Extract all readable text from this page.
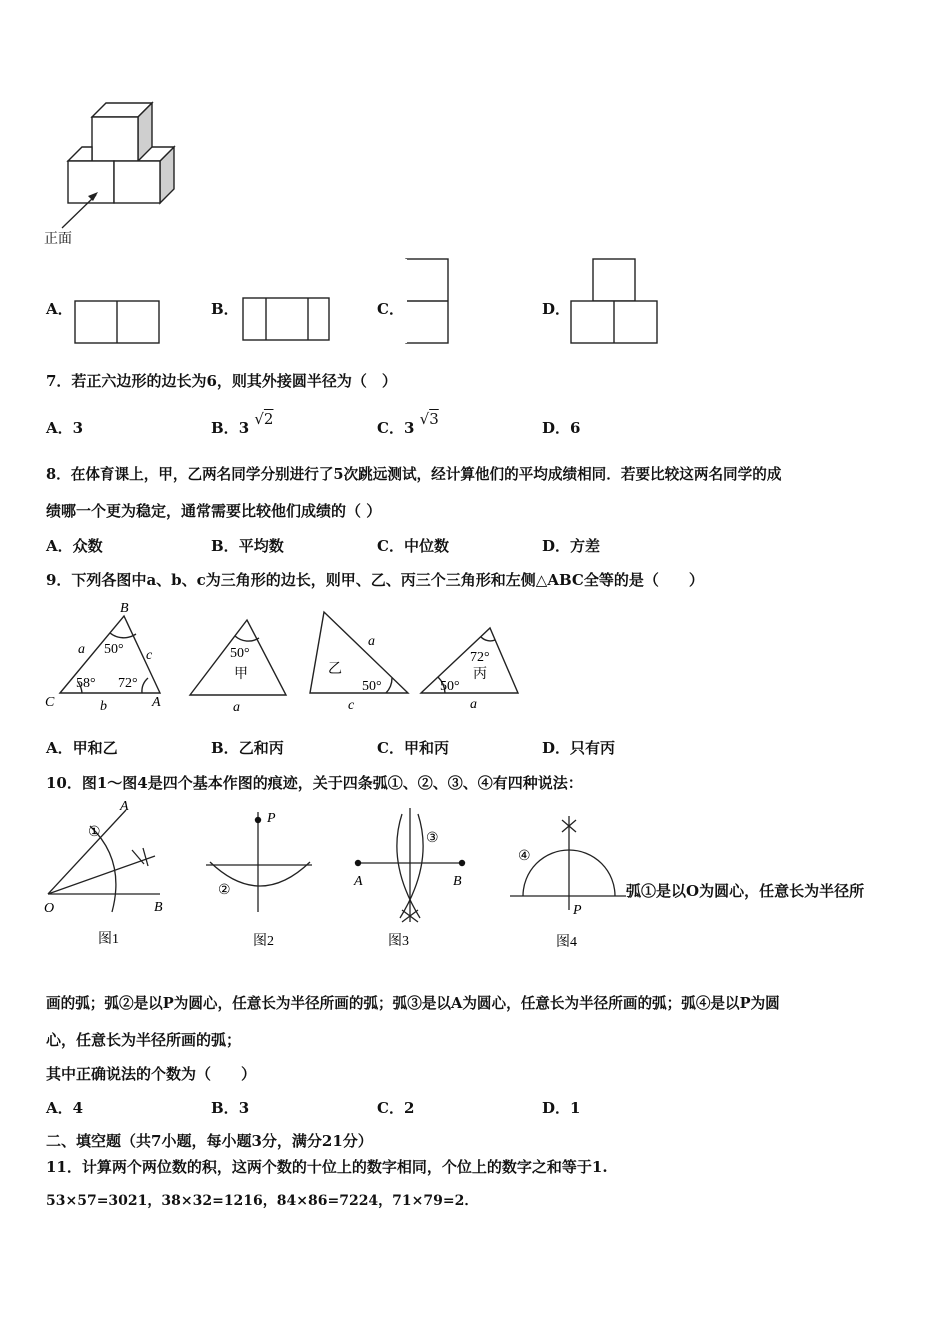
正面
A．	B．	C．	D．
7．若正六边形的边长为6，则其外接圆半径为（　）
A．3	B．3 √2	C．3 √3	D．6
8．在体育课上，甲，乙两名同学分别进行了5次跳远测试，经计算他们的平均成绩相同．若要比较这两名同学的成
绩哪一个更为稳定，通常需要比较他们成绩的（ ）
A．众数	B．平均数	C．中位数	D．方差
9．下列各图中a、b、c为三角形的边长，则甲、乙、丙三个三角形和左侧△ABC全等的是（　　）
B
C	A
a	c
b
50°
58° 72°
50°
甲	乙
50°
72°
丙
50°
a
a
c	a
A．甲和乙	B．乙和丙	C．甲和丙	D．只有丙
10．图1～图4是四个基本作图的痕迹，关于四条弧①、②、③、④有四种说法：
A
O	B
P
A	B
P
①
②
③
④
图1	图2	图3	图4
弧①是以O为圆心，任意长为半径所
画的弧；弧②是以P为圆心，任意长为半径所画的弧；弧③是以A为圆心，任意长为半径所画的弧；弧④是以P为圆
心，任意长为半径所画的弧；
其中正确说法的个数为（　　）
A．4	B．3	C．2	D．1
二、填空题（共7小题，每小题3分，满分21分）
11．计算两个两位数的积，这两个数的十位上的数字相同，个位上的数字之和等于1.
53×57=3021，38×32=1216，84×86=7224，71×79=2．
